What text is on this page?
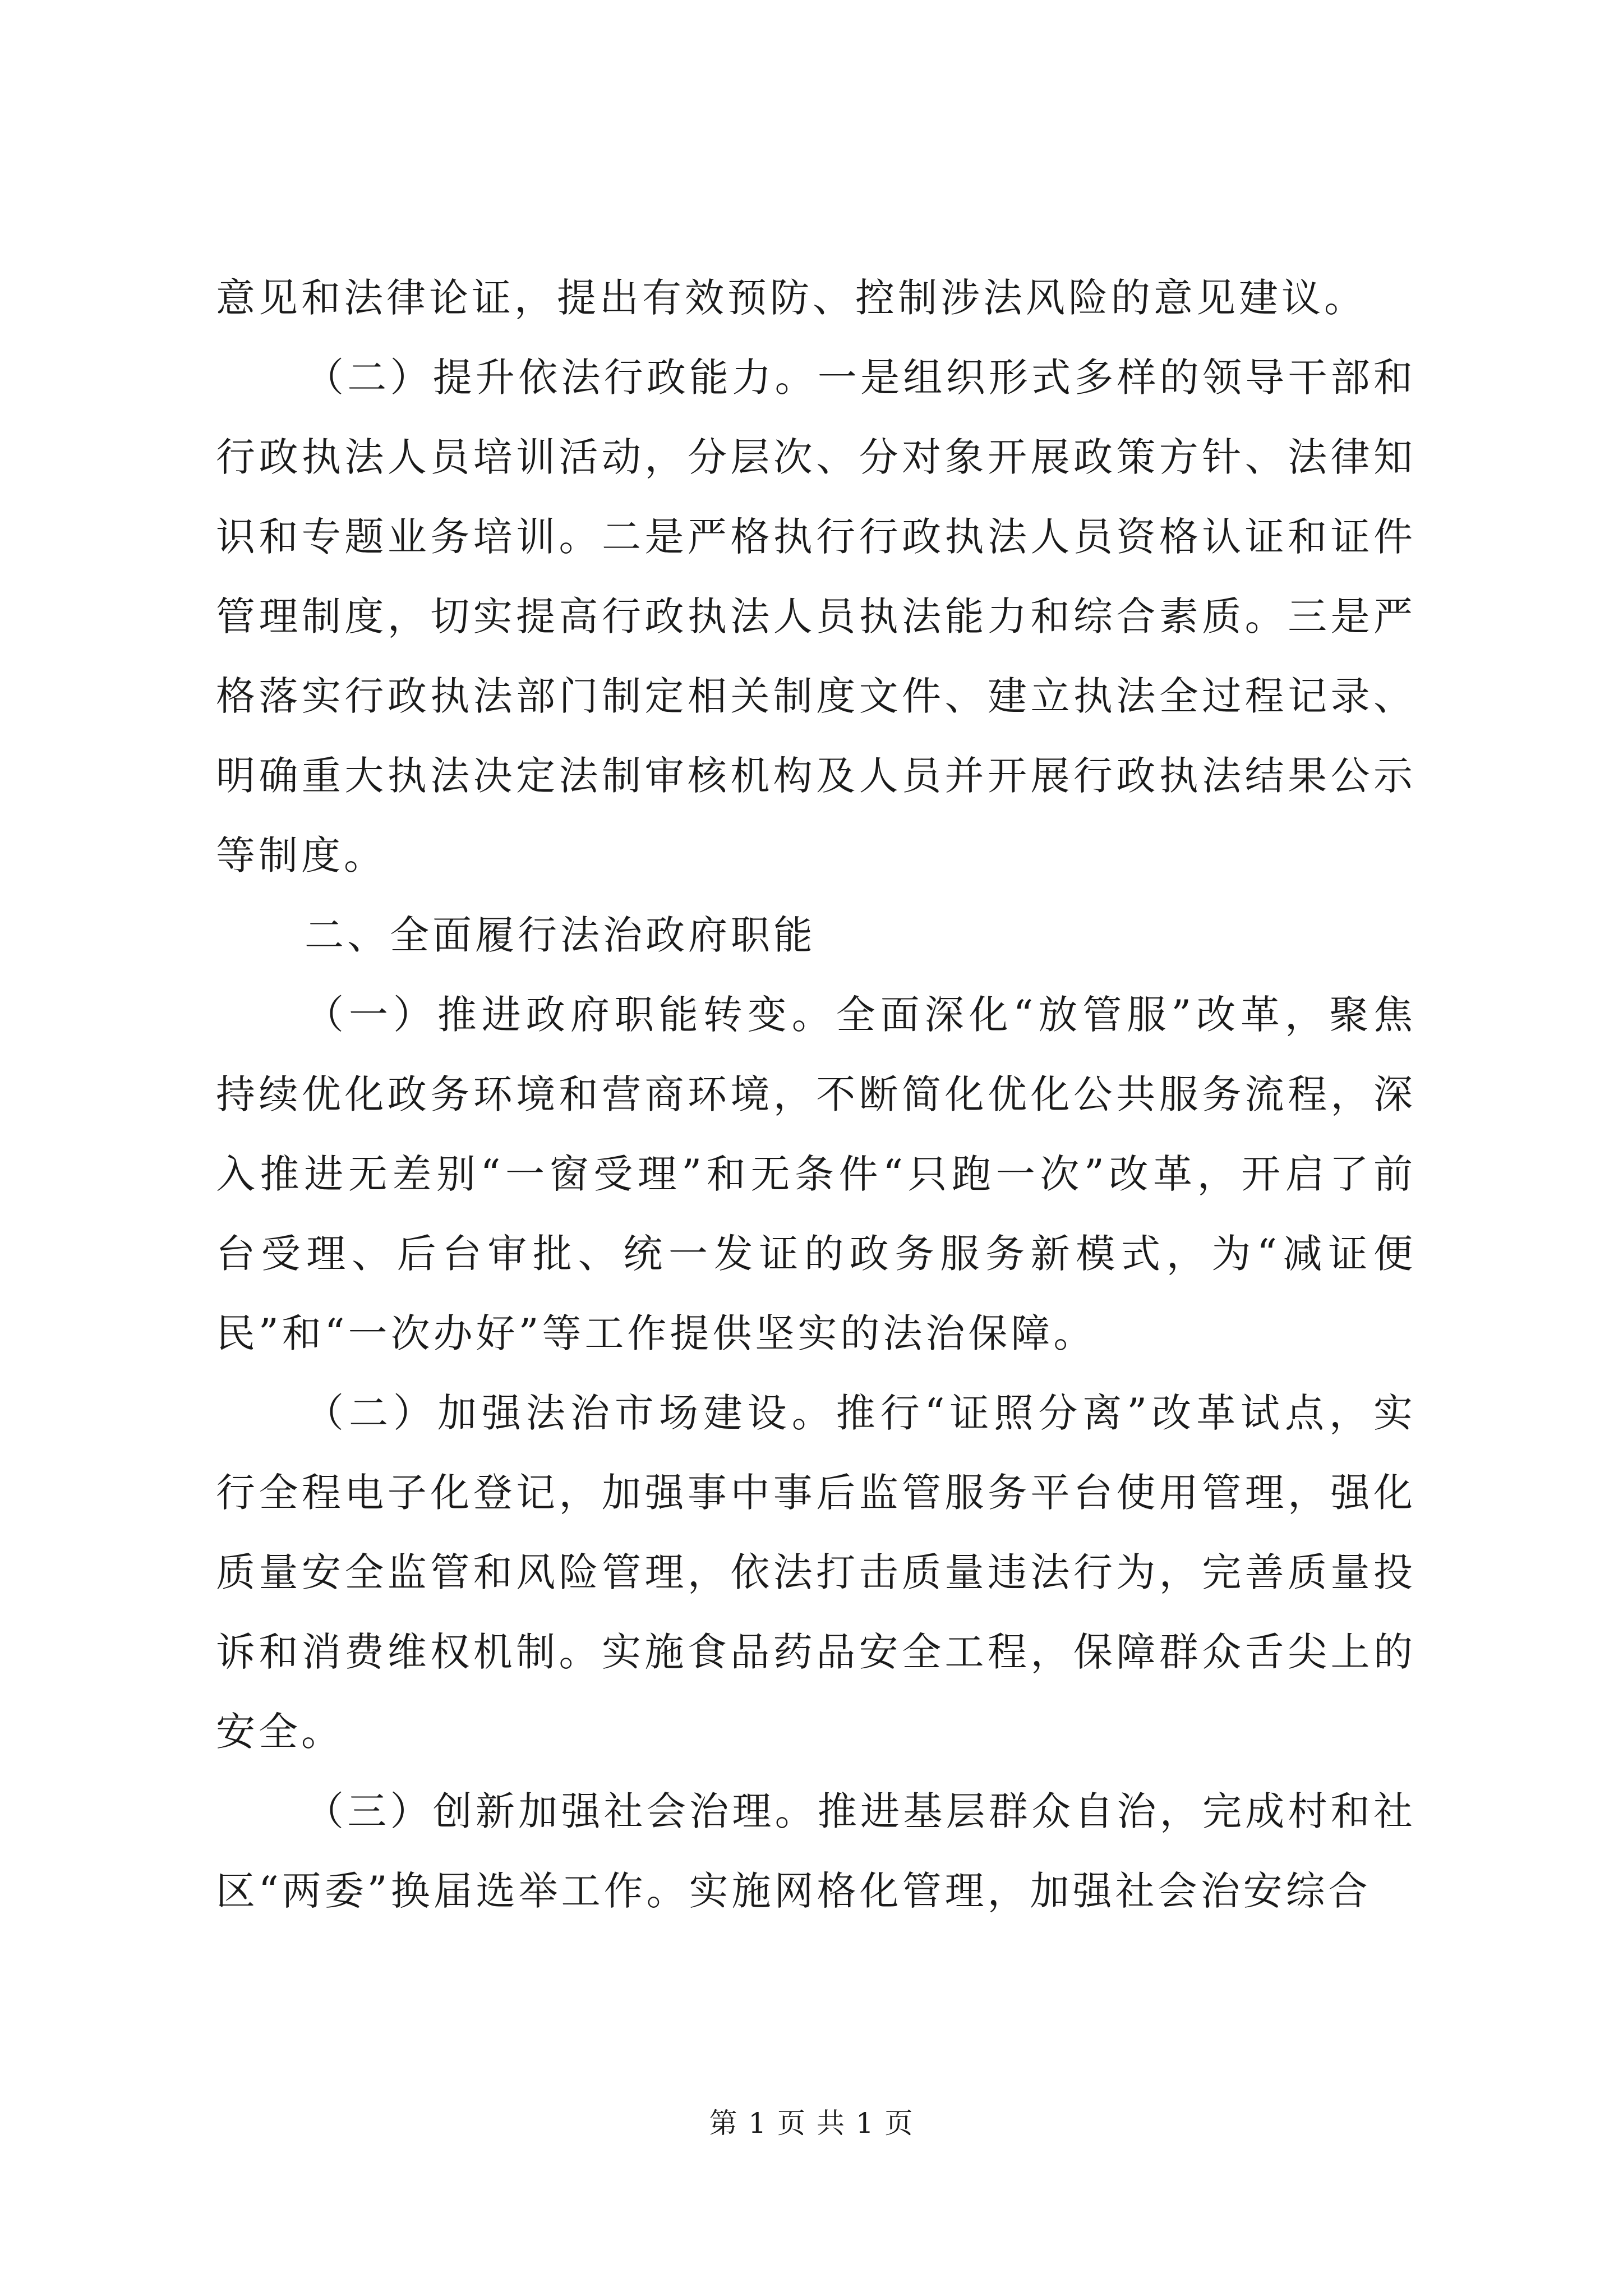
意见和法律论证，提出有效预防、控制涉法风险的意见建议。

（二）提升依法行政能力。一是组织形式多样的领导干部和行政执法人员培训活动，分层次、分对象开展政策方针、法律知识和专题业务培训。二是严格执行行政执法人员资格认证和证件管理制度，切实提高行政执法人员执法能力和综合素质。三是严格落实行政执法部门制定相关制度文件、建立执法全过程记录、明确重大执法决定法制审核机构及人员并开展行政执法结果公示等制度。

二、全面履行法治政府职能

（一）推进政府职能转变。全面深化“放管服”改革，聚焦持续优化政务环境和营商环境，不断简化优化公共服务流程，深入推进无差别“一窗受理”和无条件“只跑一次”改革，开启了前台受理、后台审批、统一发证的政务服务新模式，为“减证便民”和“一次办好”等工作提供坚实的法治保障。

（二）加强法治市场建设。推行“证照分离”改革试点，实行全程电子化登记，加强事中事后监管服务平台使用管理，强化质量安全监管和风险管理，依法打击质量违法行为，完善质量投诉和消费维权机制。实施食品药品安全工程，保障群众舌尖上的安全。

（三）创新加强社会治理。推进基层群众自治，完成村和社区“两委”换届选举工作。实施网格化管理，加强社会治安综合

第 1 页 共 1 页
